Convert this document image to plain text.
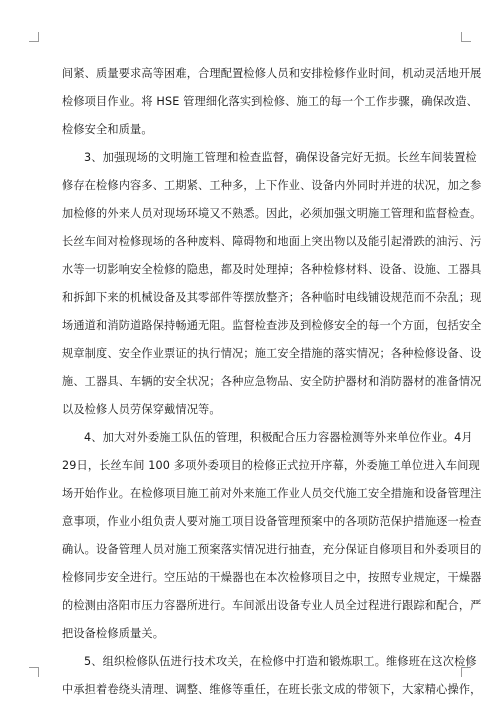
间紧、质量要求高等困难，合理配置检修人员和安排检修作业时间，机动灵活地开展
检修项目作业。将 HSE 管理细化落实到检修、施工的每一个工作步骤，确保改造、
检修安全和质量。
3、加强现场的文明施工管理和检查监督，确保设备完好无损。长丝车间装置检
修存在检修内容多、工期紧、工种多，上下作业、设备内外同时并进的状况，加之参
加检修的外来人员对现场环境又不熟悉。因此，必须加强文明施工管理和监督检查。
长丝车间对检修现场的各种废料、障碍物和地面上突出物以及能引起滑跌的油污、污
水等一切影响安全检修的隐患，都及时处理掉；各种检修材料、设备、设施、工器具
和拆卸下来的机械设备及其零部件等摆放整齐；各种临时电线铺设规范而不杂乱；现
场通道和消防道路保持畅通无阻。监督检查涉及到检修安全的每一个方面，包括安全
规章制度、安全作业票证的执行情况；施工安全措施的落实情况；各种检修设备、设
施、工器具、车辆的安全状况；各种应急物品、安全防护器材和消防器材的准备情况
以及检修人员劳保穿戴情况等。
4、加大对外委施工队伍的管理，积极配合压力容器检测等外来单位作业。4月
29日，长丝车间 100 多项外委项目的检修正式拉开序幕，外委施工单位进入车间现
场开始作业。在检修项目施工前对外来施工作业人员交代施工安全措施和设备管理注
意事项，作业小组负责人要对施工项目设备管理预案中的各项防范保护措施逐一检查
确认。设备管理人员对施工预案落实情况进行抽查，充分保证自修项目和外委项目的
检修同步安全进行。空压站的干燥器也在本次检修项目之中，按照专业规定，干燥器
的检测由洛阳市压力容器所进行。车间派出设备专业人员全过程进行跟踪和配合，严
把设备检修质量关。
5、组织检修队伍进行技术攻关，在检修中打造和锻炼职工。维修班在这次检修
中承担着卷绕头清理、调整、维修等重任，在班长张文成的带领下，大家精心操作，
